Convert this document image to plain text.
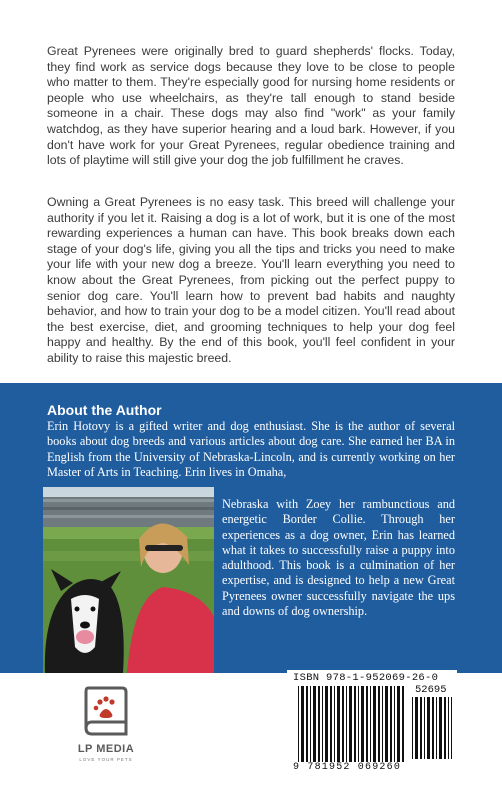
Great Pyrenees were originally bred to guard shepherds' flocks. Today, they find work as service dogs because they love to be close to people who matter to them. They're especially good for nursing home residents or people who use wheelchairs, as they're tall enough to stand beside someone in a chair. These dogs may also find "work" as your family watchdog, as they have superior hearing and a loud bark. However, if you don't have work for your Great Pyrenees, regular obedience training and lots of playtime will still give your dog the job fulfillment he craves.

Owning a Great Pyrenees is no easy task. This breed will challenge your authority if you let it. Raising a dog is a lot of work, but it is one of the most rewarding experiences a human can have. This book breaks down each stage of your dog's life, giving you all the tips and tricks you need to make your life with your new dog a breeze. You'll learn everything you need to know about the Great Pyrenees, from picking out the perfect puppy to senior dog care. You'll learn how to prevent bad habits and naughty behavior, and how to train your dog to be a model citizen. You'll read about the best exercise, diet, and grooming techniques to help your dog feel happy and healthy. By the end of this book, you'll feel confident in your ability to raise this majestic breed.

About the Author

Erin Hotovy is a gifted writer and dog enthusiast. She is the author of several books about dog breeds and various articles about dog care. She earned her BA in English from the University of Nebraska-Lincoln, and is currently working on her Master of Arts in Teaching. Erin lives in Omaha,

Nebraska with Zoey her rambunctious and energetic Border Collie. Through her experiences as a dog owner, Erin has learned what it takes to successfully raise a puppy into adulthood. This book is a culmination of her expertise, and is designed to help a new Great Pyrenees owner successfully navigate the ups and downs of dog ownership.

LP MEDIA

LOVE YOUR PETS

ISBN 978-1-952069-26-0

52695

9 781952 069260
